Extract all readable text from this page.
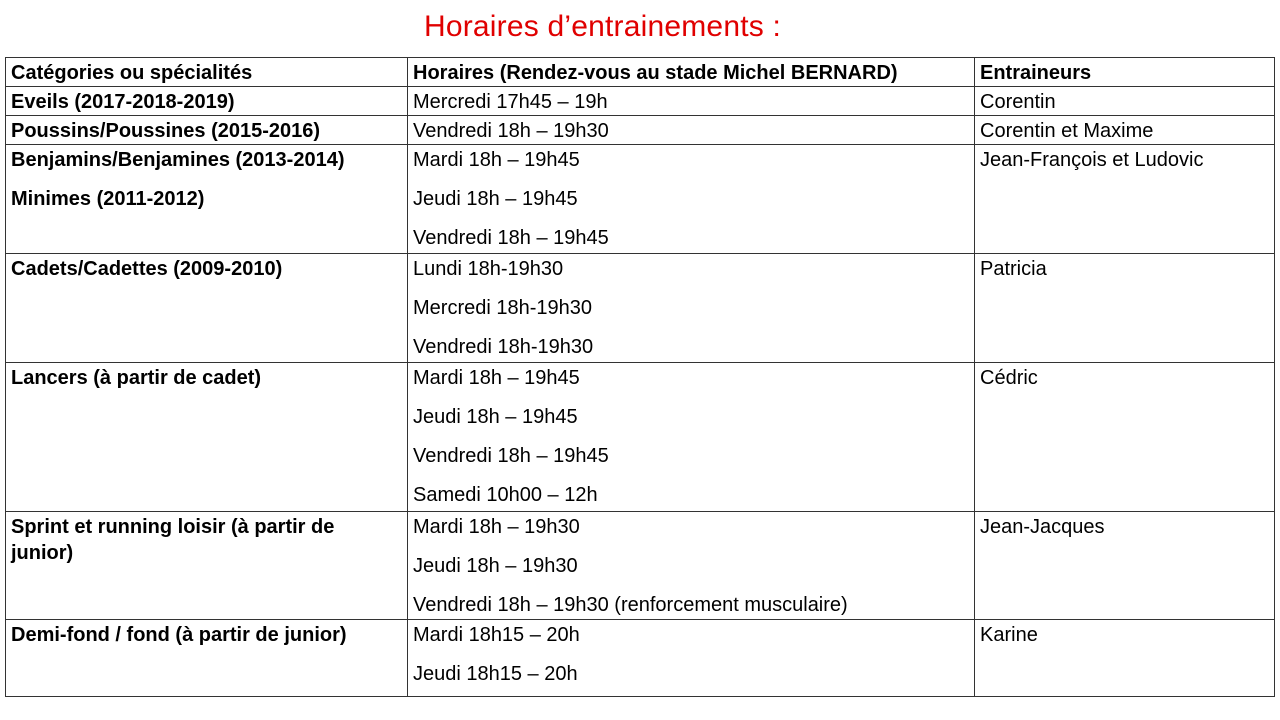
Horaires d’entrainements :
Catégories ou spécialités	Horaires (Rendez-vous au stade Michel BERNARD)	Entraineurs

Eveils (2017-2018-2019)	Mercredi 17h45 – 19h	Corentin

Poussins/Poussines (2015-2016)	Vendredi 18h – 19h30	Corentin et Maxime

Benjamins/Benjamines (2013-2014)
Minimes (2011-2012)	Mardi 18h – 19h45
Jeudi 18h – 19h45
Vendredi 18h – 19h45	Jean-François et Ludovic

Cadets/Cadettes (2009-2010)	Lundi 18h-19h30
Mercredi 18h-19h30
Vendredi 18h-19h30	Patricia

Lancers (à partir de cadet)	Mardi 18h – 19h45
Jeudi 18h – 19h45
Vendredi 18h – 19h45
Samedi 10h00 – 12h	Cédric

Sprint et running loisir (à partir de junior)	Mardi 18h – 19h30
Jeudi 18h – 19h30
Vendredi 18h – 19h30 (renforcement musculaire)	Jean-Jacques

Demi-fond / fond (à partir de junior)	Mardi 18h15 – 20h
Jeudi 18h15 – 20h	Karine
